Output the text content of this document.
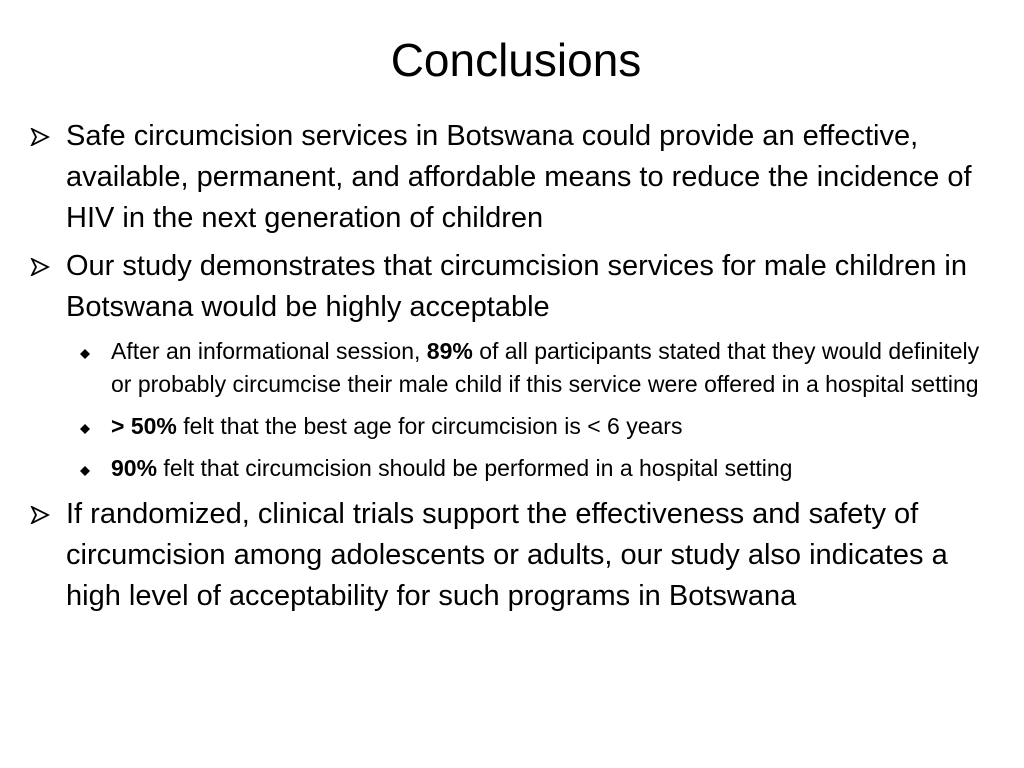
Conclusions
Safe circumcision services in Botswana could provide an effective, available, permanent, and affordable means to reduce the incidence of HIV in the next generation of children
Our study demonstrates that circumcision services for male children in Botswana would be highly acceptable
After an informational session, 89% of all participants stated that they would definitely or probably circumcise their male child if this service were offered in a hospital setting
> 50% felt that the best age for circumcision is < 6 years
90% felt that circumcision should be performed in a hospital setting
If randomized, clinical trials support the effectiveness and safety of circumcision among adolescents or adults, our study also indicates a high level of acceptability for such programs in Botswana
